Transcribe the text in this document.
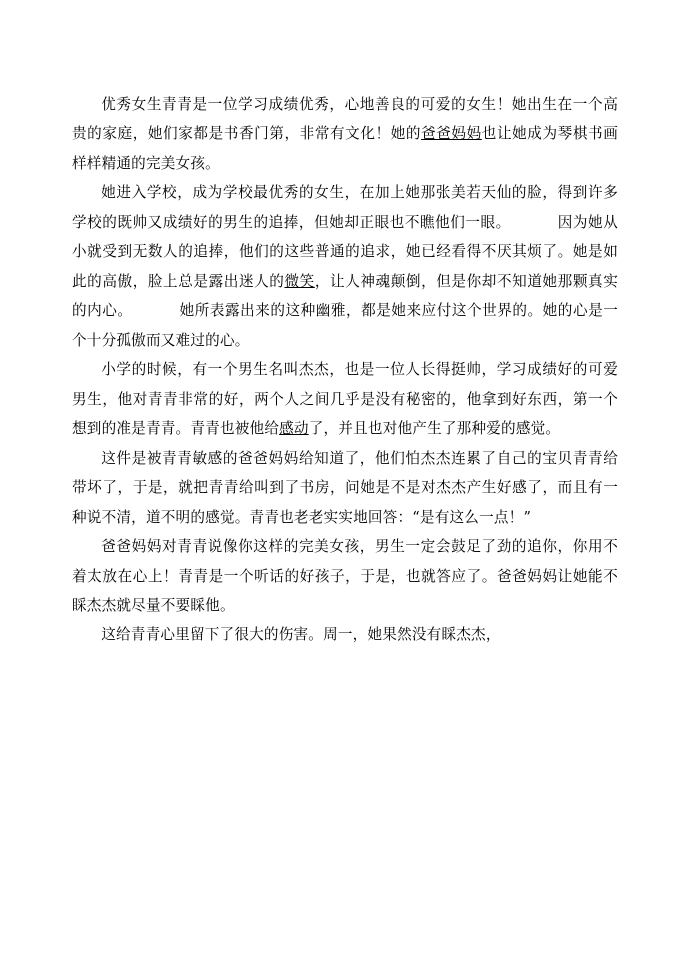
优秀女生青青是一位学习成绩优秀，心地善良的可爱的女生！她出生在一个高贵的家庭，她们家都是书香门第，非常有文化！她的爸爸妈妈也让她成为琴棋书画样样精通的完美女孩。

她进入学校，成为学校最优秀的女生，在加上她那张美若天仙的脸，得到许多学校的既帅又成绩好的男生的追捧，但她却正眼也不瞧他们一眼。	因为她从小就受到无数人的追捧，他们的这些普通的追求，她已经看得不厌其烦了。她是如此的高傲，脸上总是露出迷人的微笑，让人神魂颠倒，但是你却不知道她那颗真实的内心。	她所表露出来的这种幽雅，都是她来应付这个世界的。她的心是一个十分孤傲而又难过的心。

小学的时候，有一个男生名叫杰杰，也是一位人长得挺帅，学习成绩好的可爱男生，他对青青非常的好，两个人之间几乎是没有秘密的，他拿到好东西，第一个想到的准是青青。青青也被他给感动了，并且也对他产生了那种爱的感觉。

这件是被青青敏感的爸爸妈妈给知道了，他们怕杰杰连累了自己的宝贝青青给带坏了，于是，就把青青给叫到了书房，问她是不是对杰杰产生好感了，而且有一种说不清，道不明的感觉。青青也老老实实地回答：“是有这么一点！”

爸爸妈妈对青青说像你这样的完美女孩，男生一定会鼓足了劲的追你，你用不着太放在心上！青青是一个听话的好孩子，于是，也就答应了。爸爸妈妈让她能不睬杰杰就尽量不要睬他。

这给青青心里留下了很大的伤害。周一，她果然没有睬杰杰，
